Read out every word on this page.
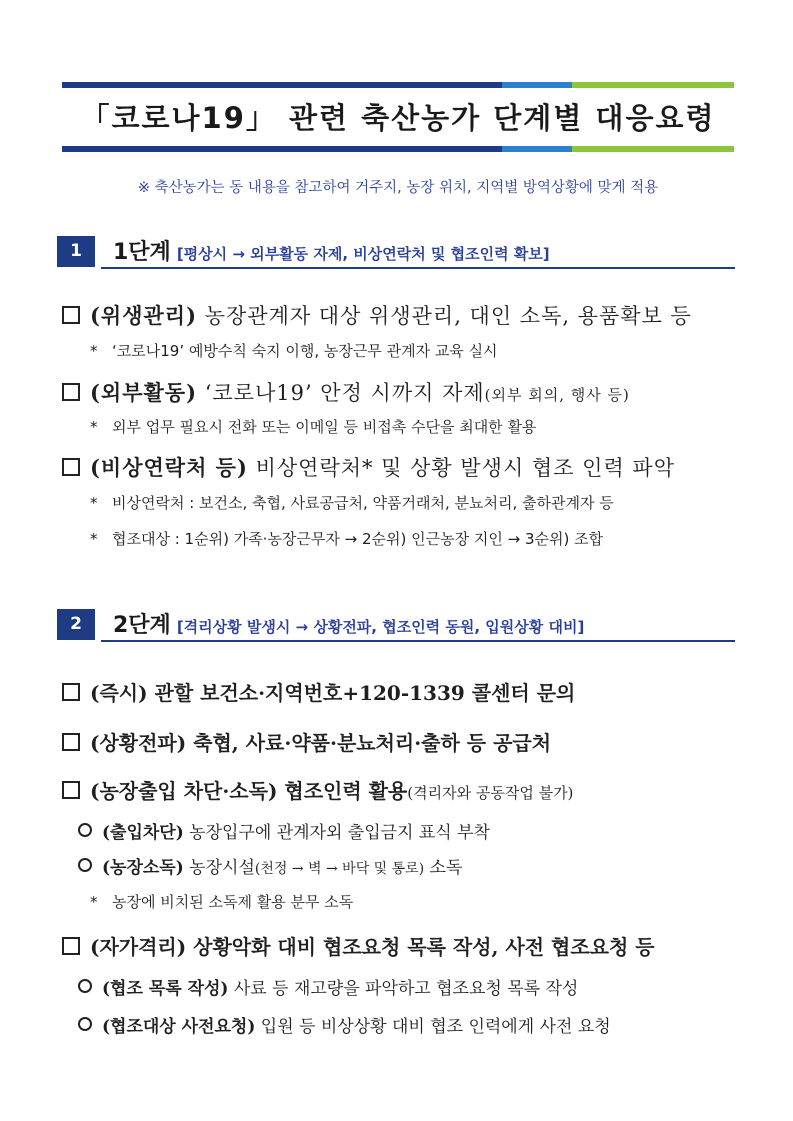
「코로나19」 관련 축산농가 단계별 대응요령
※ 축산농가는 동 내용을 참고하여 거주지, 농장 위치, 지역별 방역상황에 맞게 적용
1	1단계 [평상시 → 외부활동 자제, 비상연락처 및 협조인력 확보]
(위생관리) 농장관계자 대상 위생관리, 대인 소독, 용품확보 등
* ‘코로나19’ 예방수칙 숙지 이행, 농장근무 관계자 교육 실시
(외부활동) ‘코로나19’ 안정 시까지 자제(외부 회의, 행사 등)
* 외부 업무 필요시 전화 또는 이메일 등 비접촉 수단을 최대한 활용
(비상연락처 등) 비상연락처* 및 상황 발생시 협조 인력 파악
* 비상연락처 : 보건소, 축협, 사료공급처, 약품거래처, 분뇨처리, 출하관계자 등
* 협조대상 : 1순위) 가족·농장근무자 → 2순위) 인근농장 지인 → 3순위) 조합
2	2단계 [격리상황 발생시 → 상황전파, 협조인력 동원, 입원상황 대비]
(즉시) 관할 보건소·지역번호+120-1339 콜센터 문의
(상황전파) 축협, 사료·약품·분뇨처리·출하 등 공급처
(농장출입 차단·소독) 협조인력 활용(격리자와 공동작업 불가)
(출입차단) 농장입구에 관계자외 출입금지 표식 부착
(농장소독) 농장시설(천정 → 벽 → 바닥 및 통로) 소독
* 농장에 비치된 소독제 활용 분무 소독
(자가격리) 상황악화 대비 협조요청 목록 작성, 사전 협조요청 등
(협조 목록 작성) 사료 등 재고량을 파악하고 협조요청 목록 작성
(협조대상 사전요청) 입원 등 비상상황 대비 협조 인력에게 사전 요청
